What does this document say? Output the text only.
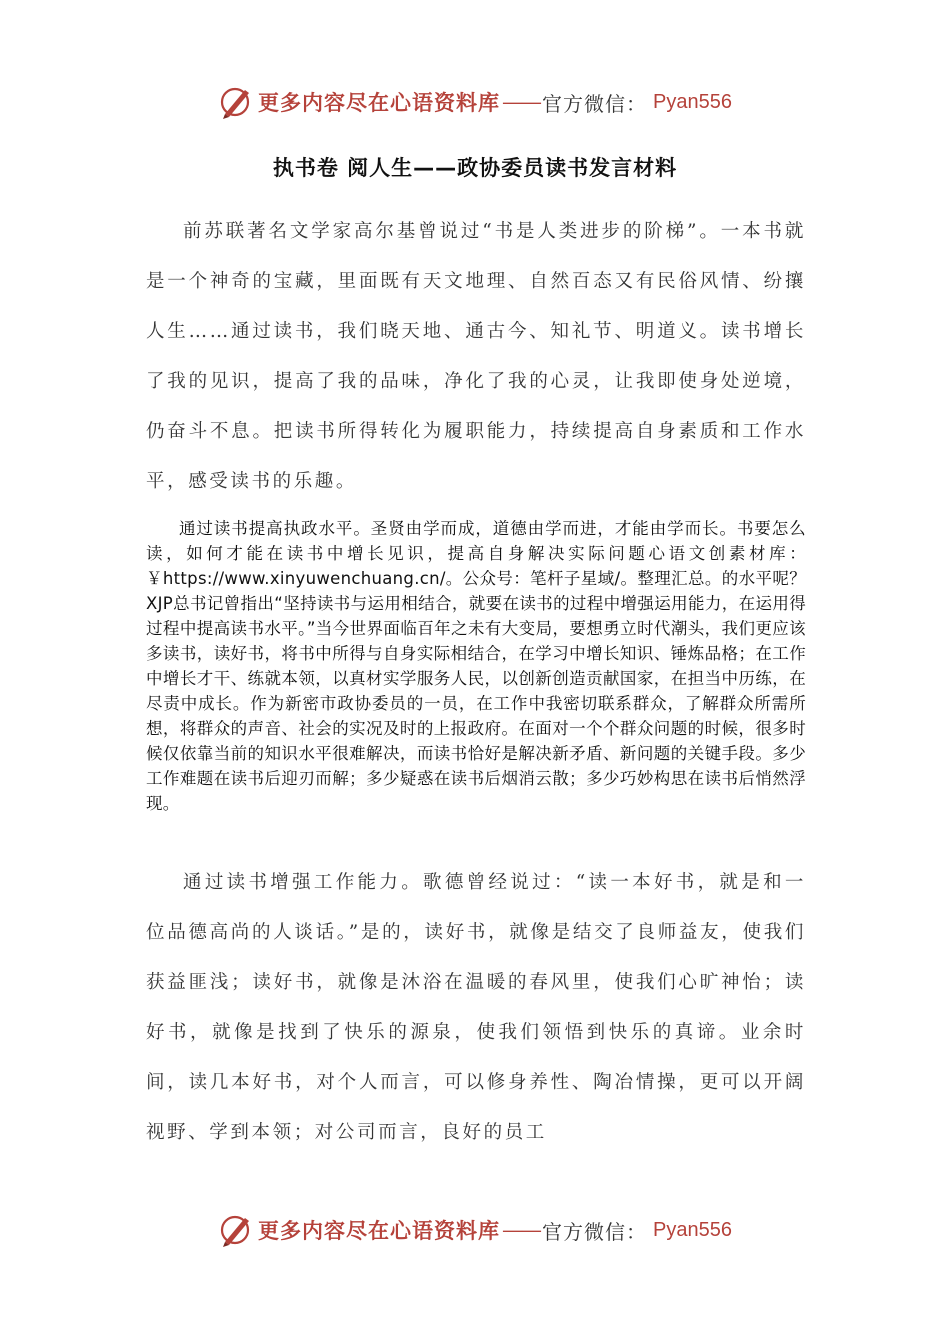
更多内容尽在心语资料库 —— 官方微信： Pyan556
执书卷 阅人生——政协委员读书发言材料

前苏联著名文学家高尔基曾说过“书是人类进步的阶梯”。一本书就是一个神奇的宝藏，里面既有天文地理、自然百态又有民俗风情、纷攘人生……通过读书，我们晓天地、通古今、知礼节、明道义。读书增长了我的见识，提高了我的品味，净化了我的心灵，让我即使身处逆境，仍奋斗不息。把读书所得转化为履职能力，持续提高自身素质和工作水平，感受读书的乐趣。

通过读书提高执政水平。圣贤由学而成，道德由学而进，才能由学而长。书要怎么读，如何才能在读书中增长见识，提高自身解决实际问题心语文创素材库：￥https://www.xinyuwenchuang.cn/。公众号：笔杆子星域/。整理汇总。的水平呢？XJP总书记曾指出“坚持读书与运用相结合，就要在读书的过程中增强运用能力，在运用得过程中提高读书水平。”当今世界面临百年之未有大变局，要想勇立时代潮头，我们更应该多读书，读好书，将书中所得与自身实际相结合，在学习中增长知识、锤炼品格；在工作中增长才干、练就本领，以真材实学服务人民，以创新创造贡献国家，在担当中历练，在尽责中成长。作为新密市政协委员的一员，在工作中我密切联系群众，了解群众所需所想，将群众的声音、社会的实况及时的上报政府。在面对一个个群众问题的时候，很多时候仅依靠当前的知识水平很难解决，而读书恰好是解决新矛盾、新问题的关键手段。多少工作难题在读书后迎刃而解；多少疑惑在读书后烟消云散；多少巧妙构思在读书后悄然浮现。

通过读书增强工作能力。歌德曾经说过：“读一本好书，就是和一位品德高尚的人谈话。”是的，读好书，就像是结交了良师益友，使我们获益匪浅；读好书，就像是沐浴在温暖的春风里，使我们心旷神怡；读好书，就像是找到了快乐的源泉，使我们领悟到快乐的真谛。业余时间，读几本好书，对个人而言，可以修身养性、陶冶情操，更可以开阔视野、学到本领；对公司而言，良好的员工

更多内容尽在心语资料库 —— 官方微信： Pyan556
